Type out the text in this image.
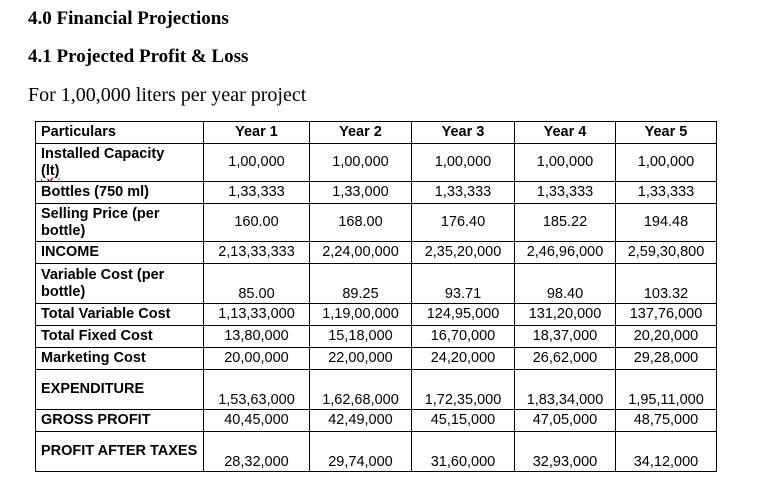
4.0 Financial Projections
4.1 Projected Profit & Loss

For 1,00,000 liters per year project

Particulars	Year 1	Year 2	Year 3	Year 4	Year 5
Installed Capacity
(lt)	1,00,000	1,00,000	1,00,000	1,00,000	1,00,000
Bottles (750 ml)	1,33,333	1,33,000	1,33,333	1,33,333	1,33,333
Selling Price (per bottle)	160.00	168.00	176.40	185.22	194.48
INCOME	2,13,33,333	2,24,00,000	2,35,20,000	2,46,96,000	2,59,30,800
Variable Cost (per bottle)	85.00	89.25	93.71	98.40	103.32
Total Variable Cost	1,13,33,000	1,19,00,000	124,95,000	131,20,000	137,76,000
Total Fixed Cost	13,80,000	15,18,000	16,70,000	18,37,000	20,20,000
Marketing Cost	20,00,000	22,00,000	24,20,000	26,62,000	29,28,000
EXPENDITURE	1,53,63,000	1,62,68,000	1,72,35,000	1,83,34,000	1,95,11,000
GROSS PROFIT	40,45,000	42,49,000	45,15,000	47,05,000	48,75,000
PROFIT AFTER TAXES	28,32,000	29,74,000	31,60,000	32,93,000	34,12,000
